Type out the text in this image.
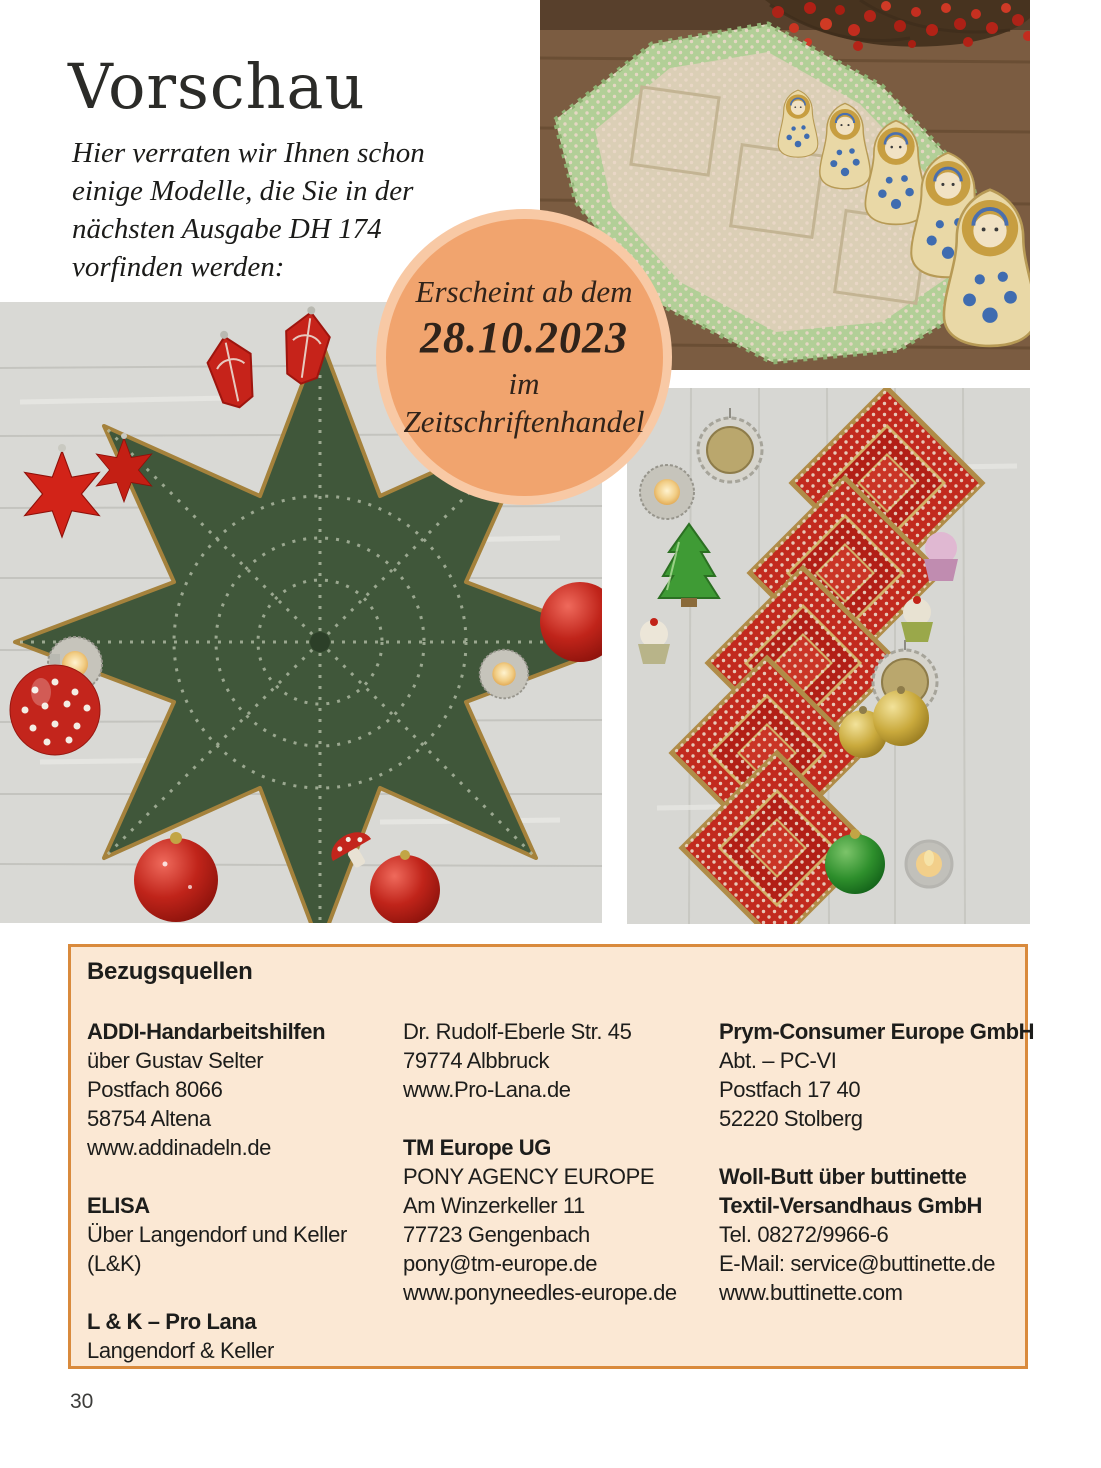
Vorschau
Hier verraten wir Ihnen schon
einige Modelle, die Sie in der
nächsten Ausgabe DH 174
vorfinden werden:
Erscheint ab dem
28.10.2023
im Zeitschriftenhandel
Bezugsquellen
ADDI-Handarbeitshilfen
über Gustav Selter
Postfach 8066
58754 Altena
www.addinadeln.de
ELISA
Über Langendorf und Keller
(L&K)
L & K – Pro Lana
Langendorf & Keller
Dr. Rudolf-Eberle Str. 45
79774 Albbruck
www.Pro-Lana.de
TM Europe UG
PONY AGENCY EUROPE
Am Winzerkeller 11
77723 Gengenbach
pony@tm-europe.de
www.ponyneedles-europe.de
Prym-Consumer Europe GmbH
Abt. – PC-VI
Postfach 17 40
52220 Stolberg
Woll-Butt über buttinette
Textil-Versandhaus GmbH
Tel. 08272/9966-6
E-Mail: service@buttinette.de
www.buttinette.com
30
